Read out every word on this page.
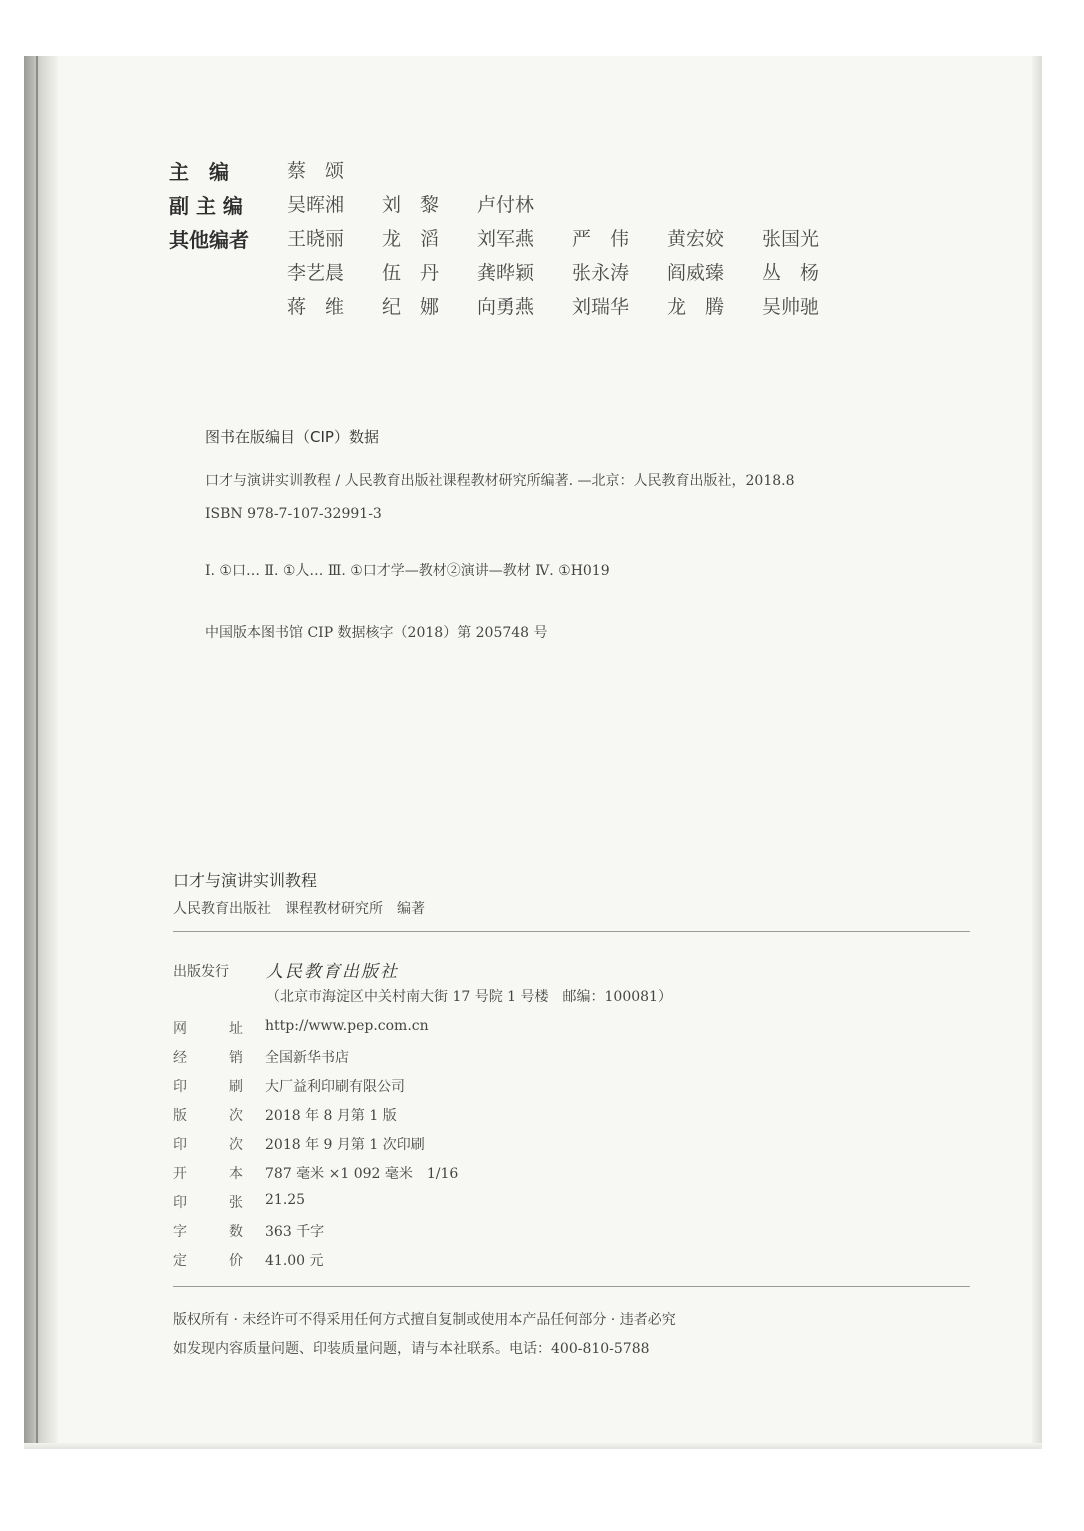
主　编	蔡　颂
副 主 编 吴晖湘 刘　黎 卢付林
其他编者 王晓丽 龙　滔 刘军燕 严　伟 黄宏姣 张国光
李艺晨 伍　丹 龚晔颖 张永涛 阎威臻 丛　杨
蒋　维 纪　娜 向勇燕 刘瑞华 龙　腾 吴帅驰
图书在版编目（CIP）数据
口才与演讲实训教程 / 人民教育出版社课程教材研究所编著. —北京：人民教育出版社，2018.8
ISBN 978-7-107-32991-3
Ⅰ. ①口… Ⅱ. ①人… Ⅲ. ①口才学—教材②演讲—教材 Ⅳ. ①H019
中国版本图书馆 CIP 数据核字（2018）第 205748 号
口才与演讲实训教程
人民教育出版社　课程教材研究所　编著
出版发行 人民教育出版社
（北京市海淀区中关村南大街 17 号院 1 号楼　邮编：100081）
网	址 http://www.pep.com.cn
经	销 全国新华书店
印	刷 大厂益利印刷有限公司
版	次 2018 年 8 月第 1 版
印	次 2018 年 9 月第 1 次印刷
开	本 787 毫米 ×1 092 毫米　1/16
印	张 21.25
字	数 363 千字
定	价 41.00 元
版权所有 · 未经许可不得采用任何方式擅自复制或使用本产品任何部分 · 违者必究
如发现内容质量问题、印装质量问题，请与本社联系。电话：400-810-5788
